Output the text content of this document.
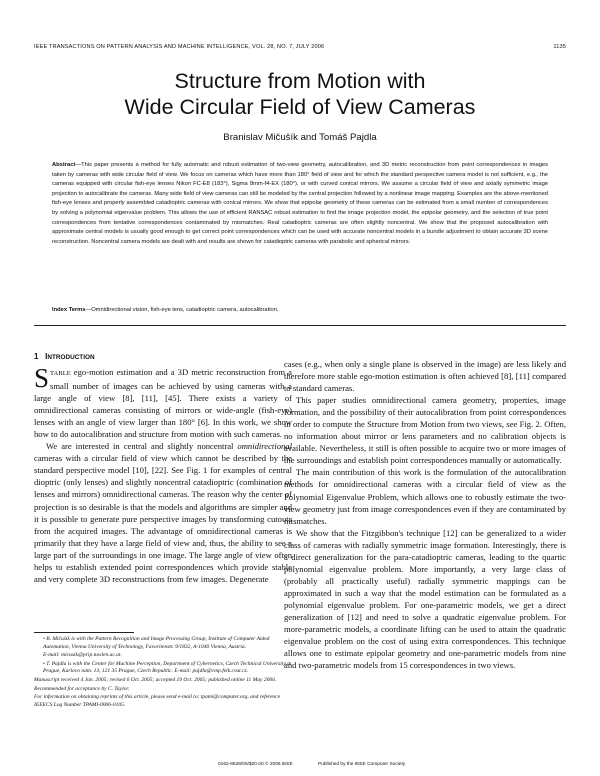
IEEE TRANSACTIONS ON PATTERN ANALYSIS AND MACHINE INTELLIGENCE, VOL. 28, NO. 7, JULY 2006	1135
Structure from Motion with
Wide Circular Field of View Cameras
Branislav Mičušík and Tomáš Pajdla
Abstract—This paper presents a method for fully automatic and robust estimation of two-view geometry, autocalibration, and 3D metric reconstruction from point correspondences in images taken by cameras with wide circular field of view. We focus on cameras which have more than 180° field of view and for which the standard perspective camera model is not sufficient, e.g., the cameras equipped with circular fish-eye lenses Nikon FC-E8 (183°), Sigma 8mm-f4-EX (180°), or with curved conical mirrors. We assume a circular field of view and axially symmetric image projection to autocalibrate the cameras. Many wide field of view cameras can still be modeled by the central projection followed by a nonlinear image mapping. Examples are the above-mentioned fish-eye lenses and properly assembled catadioptric cameras with conical mirrors. We show that epipolar geometry of these cameras can be estimated from a small number of correspondences by solving a polynomial eigenvalue problem. This allows the use of efficient RANSAC robust estimation to find the image projection model, the epipolar geometry, and the selection of true point correspondences from tentative correspondences contaminated by mismatches. Real catadioptric cameras are often slightly noncentral. We show that the proposed autocalibration with approximate central models is usually good enough to get correct point correspondences which can be used with accurate noncentral models in a bundle adjustment to obtain accurate 3D scene reconstruction. Noncentral camera models are dealt with and results are shown for catadioptric cameras with parabolic and spherical mirrors.
Index Terms—Omnidirectional vision, fish-eye lens, catadioptric camera, autocalibration.
1 INTRODUCTION

STABLE ego-motion estimation and a 3D metric reconstruction from a small number of images can be achieved by using cameras with a large angle of view [8], [11], [45]. There exists a variety of omnidirectional cameras consisting of mirrors or wide-angle (fish-eye) lenses with an angle of view larger than 180° [6]. In this work, we show how to do autocalibration and structure from motion with such cameras.

We are interested in central and slightly noncentral omnidirectional cameras with a circular field of view which cannot be described by the standard perspective model [10], [22]. See Fig. 1 for examples of central dioptric (only lenses) and slightly noncentral catadioptric (combination of lenses and mirrors) omnidirectional cameras. The reason why the center of projection is so desirable is that the models and algorithms are simpler and it is possible to generate pure perspective images by transforming cutouts from the acquired images. The advantage of omnidirectional cameras is primarily that they have a large field of view and, thus, the ability to see a large part of the surroundings in one image. The large angle of view often helps to establish extended point correspondences which provide stable and very complete 3D reconstructions from few images. Degenerate

cases (e.g., when only a single plane is observed in the image) are less likely and therefore more stable ego-motion estimation is often achieved [8], [11] compared to standard cameras.

This paper studies omnidirectional camera geometry, properties, image formation, and the possibility of their autocalibration from point correspondences in order to compute the Structure from Motion from two views, see Fig. 2. Often, no information about mirror or lens parameters and no calibration objects is available. Nevertheless, it still is often possible to acquire two or more images of the surroundings and establish point correspondences manually or automatically.

The main contribution of this work is the formulation of the autocalibration methods for omnidirectional cameras with a circular field of view as the Polynomial Eigenvalue Problem, which allows one to robustly estimate the two-view geometry just from image correspondences even if they are contaminated by mismatches.

We show that the Fitzgibbon's technique [12] can be generalized to a wider class of cameras with radially symmetric image formation. Interestingly, there is a direct generalization for the para-catadioptric cameras, leading to the quartic polynomial eigenvalue problem. More importantly, a very large class of (probably all practically useful) radially symmetric mappings can be approximated in such a way that the model estimation can be formulated as a polynomial eigenvalue problem. For one-parametric models, we get a direct generalization of [12] and need to solve a quadratic eigenvalue problem. For more-parametric models, a coordinate lifting can be used to attain the quadratic eigenvalue problem on the cost of using extra correspondences. This technique allows one to estimate epipolar geometry and one-parametric models from nine and two-parametric models from 15 correspondences in two views.

• B. Mičušík is with the Pattern Recognition and Image Processing Group, Institute of Computer Aided Automation, Vienna University of Technology, Favoritenstr. 9/1832, A-1040 Vienna, Austria.

E-mail: micusik@prip.tuwien.ac.at.

• T. Pajdla is with the Center for Machine Perception, Department of Cybernetics, Czech Technical University in Prague, Karlovo nám. 13, 121 35 Prague, Czech Republic. E-mail: pajdla@cmp.felk.cvut.cz.

Manuscript received 4 Jan. 2005; revised 6 Oct. 2005; accepted 19 Oct. 2005; published online 11 May 2006.

Recommended for acceptance by C. Taylor.

For information on obtaining reprints of this article, please send e-mail to: tpami@computer.org, and reference IEEECS Log Number TPAMI-0006-0105.

0162-8828/06/$20.00 © 2006 IEEE	Published by the IEEE Computer Society
